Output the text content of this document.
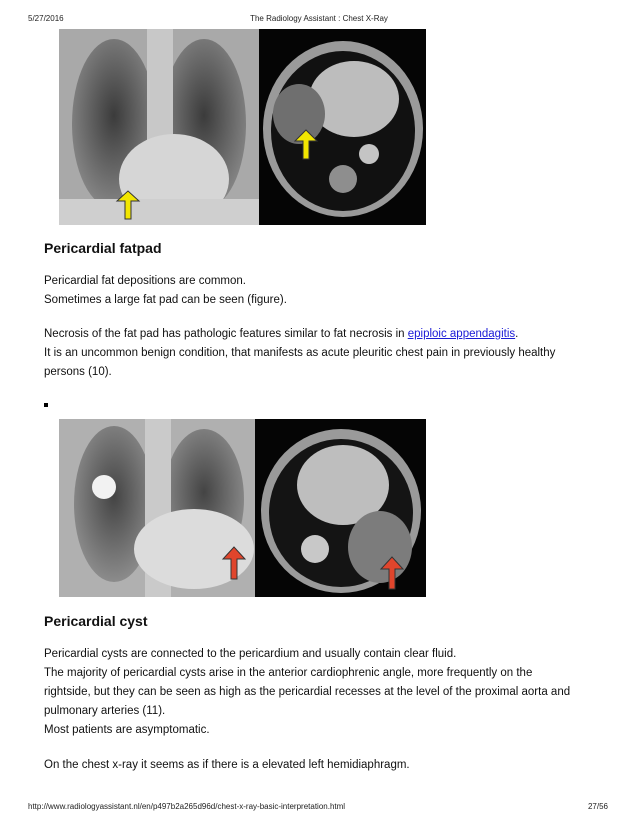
5/27/2016	The Radiology Assistant : Chest X-Ray
Pericardial fatpad

Pericardial fat depositions are common.
Sometimes a large fat pad can be seen (figure).

Necrosis of the fat pad has pathologic features similar to fat necrosis in epiploic appendagitis.
It is an uncommon benign condition, that manifests as acute pleuritic chest pain in previously healthy
persons (10).

Pericardial cyst

Pericardial cysts are connected to the pericardium and usually contain clear fluid.
The majority of pericardial cysts arise in the anterior cardiophrenic angle, more frequently on the
rightside, but they can be seen as high as the pericardial recesses at the level of the proximal aorta and
pulmonary arteries (11).
Most patients are asymptomatic.

On the chest x-ray it seems as if there is a elevated left hemidiaphragm.

http://www.radiologyassistant.nl/en/p497b2a265d96d/chest-x-ray-basic-interpretation.html	27/56
